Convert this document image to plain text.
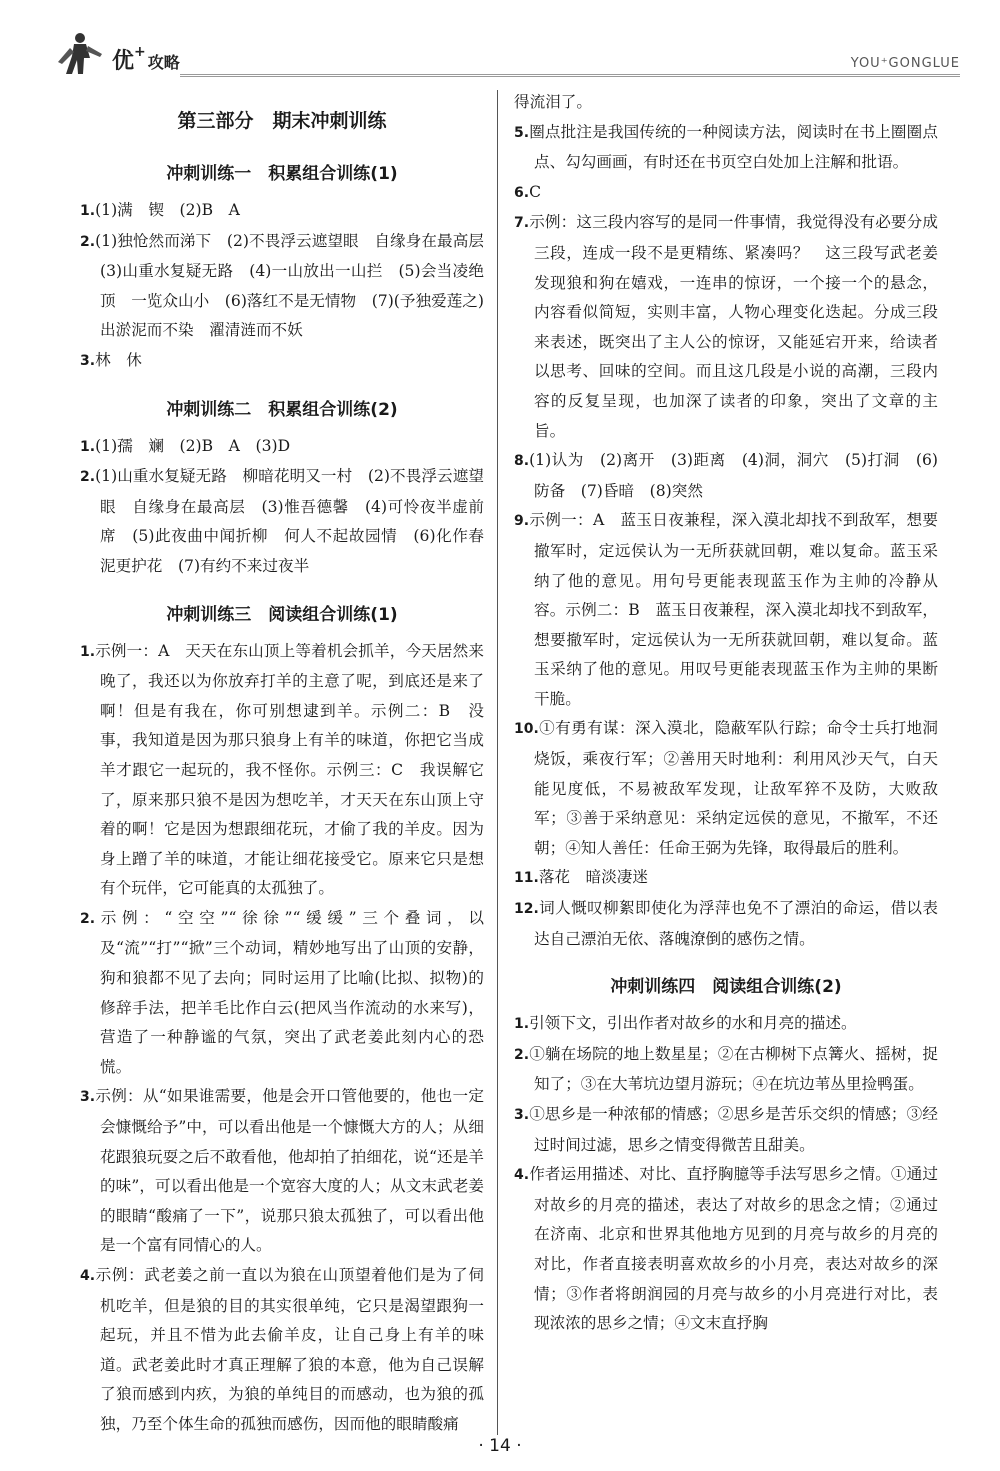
优+攻略	YOU⁺GONGLUE
第三部分　期末冲刺训练
冲刺训练一　积累组合训练(1)
1.(1)满　锲　(2)B　A
2.(1)独怆然而涕下　(2)不畏浮云遮望眼　自缘身在最高层　(3)山重水复疑无路　(4)一山放出一山拦　(5)会当凌绝顶　一览众山小　(6)落红不是无情物　(7)(予独爱莲之)出淤泥而不染　濯清涟而不妖
3.林　休
冲刺训练二　积累组合训练(2)
1.(1)孺　斓　(2)B　A　(3)D
2.(1)山重水复疑无路　柳暗花明又一村　(2)不畏浮云遮望眼　自缘身在最高层　(3)惟吾德馨　(4)可怜夜半虚前席　(5)此夜曲中闻折柳　何人不起故园情　(6)化作春泥更护花　(7)有约不来过夜半
冲刺训练三　阅读组合训练(1)
1.示例一：A　天天在东山顶上等着机会抓羊，今天居然来晚了，我还以为你放弃打羊的主意了呢，到底还是来了啊！但是有我在，你可别想逮到羊。示例二：B　没事，我知道是因为那只狼身上有羊的味道，你把它当成羊才跟它一起玩的，我不怪你。示例三：C　我误解它了，原来那只狼不是因为想吃羊，才天天在东山顶上守着的啊！它是因为想跟细花玩，才偷了我的羊皮。因为身上蹭了羊的味道，才能让细花接受它。原来它只是想有个玩伴，它可能真的太孤独了。
2.示例：“空空”“徐徐”“缓缓”三个叠词，以及“流”“打”“掀”三个动词，精妙地写出了山顶的安静，狗和狼都不见了去向；同时运用了比喻(比拟、拟物)的修辞手法，把羊毛比作白云(把风当作流动的水来写)，营造了一种静谧的气氛，突出了武老姜此刻内心的恐慌。
3.示例：从“如果谁需要，他是会开口管他要的，他也一定会慷慨给予”中，可以看出他是一个慷慨大方的人；从细花跟狼玩耍之后不敢看他，他却拍了拍细花，说“还是羊的味”，可以看出他是一个宽容大度的人；从文末武老姜的眼睛“酸痛了一下”，说那只狼太孤独了，可以看出他是一个富有同情心的人。
4.示例：武老姜之前一直以为狼在山顶望着他们是为了伺机吃羊，但是狼的目的其实很单纯，它只是渴望跟狗一起玩，并且不惜为此去偷羊皮，让自己身上有羊的味道。武老姜此时才真正理解了狼的本意，他为自己误解了狼而感到内疚，为狼的单纯目的而感动，也为狼的孤独，乃至个体生命的孤独而感伤，因而他的眼睛酸痛
得流泪了。
5.圈点批注是我国传统的一种阅读方法，阅读时在书上圈圈点点、勾勾画画，有时还在书页空白处加上注解和批语。
6.C
7.示例：这三段内容写的是同一件事情，我觉得没有必要分成三段，连成一段不是更精练、紧凑吗？　这三段写武老姜发现狼和狗在嬉戏，一连串的惊讶，一个接一个的悬念，内容看似简短，实则丰富，人物心理变化迭起。分成三段来表述，既突出了主人公的惊讶，又能延宕开来，给读者以思考、回味的空间。而且这几段是小说的高潮，三段内容的反复呈现，也加深了读者的印象，突出了文章的主旨。
8.(1)认为　(2)离开　(3)距离　(4)洞，洞穴　(5)打洞　(6)防备　(7)昏暗　(8)突然
9.示例一：A　蓝玉日夜兼程，深入漠北却找不到敌军，想要撤军时，定远侯认为一无所获就回朝，难以复命。蓝玉采纳了他的意见。用句号更能表现蓝玉作为主帅的冷静从容。示例二：B　蓝玉日夜兼程，深入漠北却找不到敌军，想要撤军时，定远侯认为一无所获就回朝，难以复命。蓝玉采纳了他的意见。用叹号更能表现蓝玉作为主帅的果断干脆。
10.①有勇有谋：深入漠北，隐蔽军队行踪；命令士兵打地洞烧饭，乘夜行军；②善用天时地利：利用风沙天气，白天能见度低，不易被敌军发现，让敌军猝不及防，大败敌军；③善于采纳意见：采纳定远侯的意见，不撤军，不还朝；④知人善任：任命王弼为先锋，取得最后的胜利。
11.落花　暗淡凄迷
12.词人慨叹柳絮即使化为浮萍也免不了漂泊的命运，借以表达自己漂泊无依、落魄潦倒的感伤之情。
冲刺训练四　阅读组合训练(2)
1.引领下文，引出作者对故乡的水和月亮的描述。
2.①躺在场院的地上数星星；②在古柳树下点篝火、摇树，捉知了；③在大苇坑边望月游玩；④在坑边苇丛里捡鸭蛋。
3.①思乡是一种浓郁的情感；②思乡是苦乐交织的情感；③经过时间过滤，思乡之情变得微苦且甜美。
4.作者运用描述、对比、直抒胸臆等手法写思乡之情。①通过对故乡的月亮的描述，表达了对故乡的思念之情；②通过在济南、北京和世界其他地方见到的月亮与故乡的月亮的对比，作者直接表明喜欢故乡的小月亮，表达对故乡的深情；③作者将朗润园的月亮与故乡的小月亮进行对比，表现浓浓的思乡之情；④文末直抒胸
· 14 ·
